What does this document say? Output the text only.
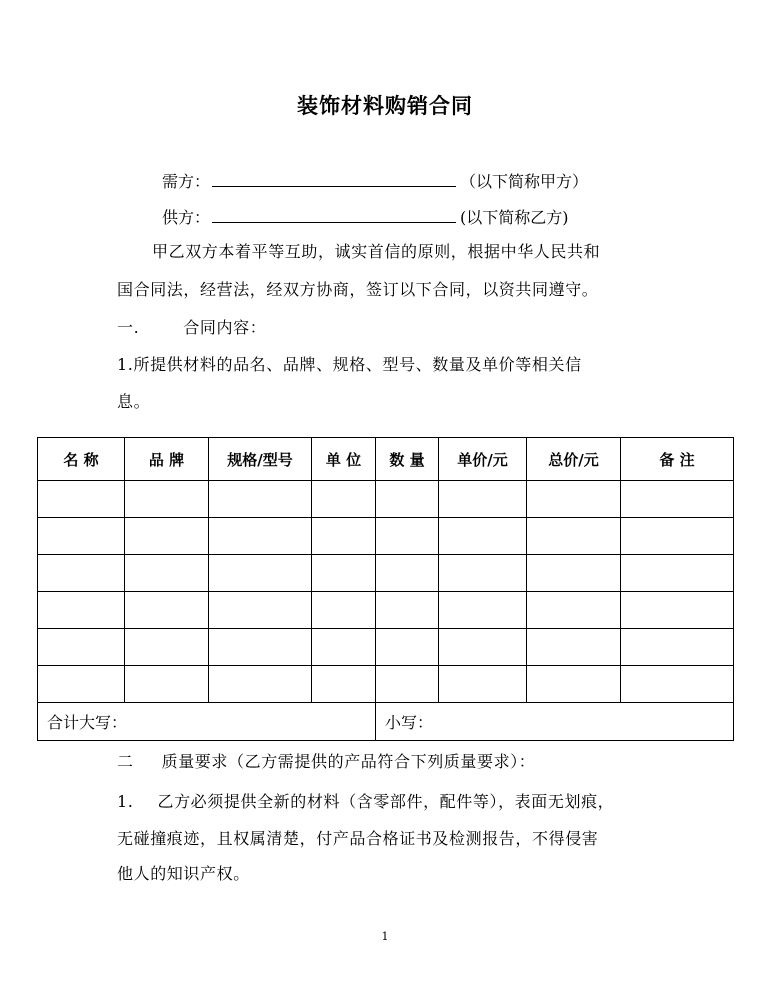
装饰材料购销合同
需方：	（以下简称甲方）
供方：	(以下简称乙方)
甲乙双方本着平等互助，诚实首信的原则，根据中华人民共和
国合同法，经营法，经双方协商，签订以下合同，以资共同遵守。
一.	合同内容：
1.所提供材料的品名、品牌、规格、型号、数量及单价等相关信
息。
名 称	品 牌	规格/型号	单 位	数 量	单价/元	总价/元	备 注

合计大写：				小写：			
二 质量要求（乙方需提供的产品符合下列质量要求）：
1. 乙方必须提供全新的材料（含零部件，配件等），表面无划痕，
无碰撞痕迹，且权属清楚，付产品合格证书及检测报告，不得侵害
他人的知识产权。
1
